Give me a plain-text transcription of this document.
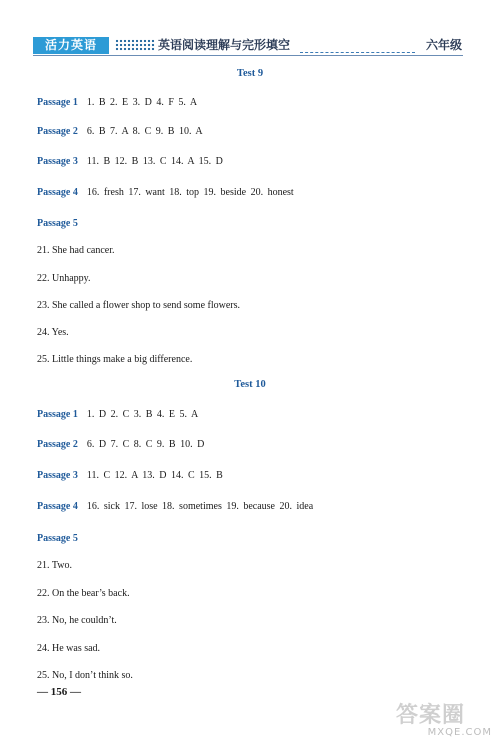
活力英语	英语阅读理解与完形填空	六年级
Test 9
Passage 1 1. B 2. E 3. D 4. F 5. A
Passage 2 6. B 7. A 8. C 9. B 10. A
Passage 3 11. B 12. B 13. C 14. A 15. D
Passage 4 16. fresh 17. want 18. top 19. beside 20. honest
Passage 5
21. She had cancer.
22. Unhappy.
23. She called a flower shop to send some flowers.
24. Yes.
25. Little things make a big difference.
Test 10
Passage 1 1. D 2. C 3. B 4. E 5. A
Passage 2 6. D 7. C 8. C 9. B 10. D
Passage 3 11. C 12. A 13. D 14. C 15. B
Passage 4 16. sick 17. lose 18. sometimes 19. because 20. idea
Passage 5
21. Two.
22. On the bear’s back.
23. No, he couldn’t.
24. He was sad.
25. No, I don’t think so.
— 156 —
答案圈
MXQE.COM
